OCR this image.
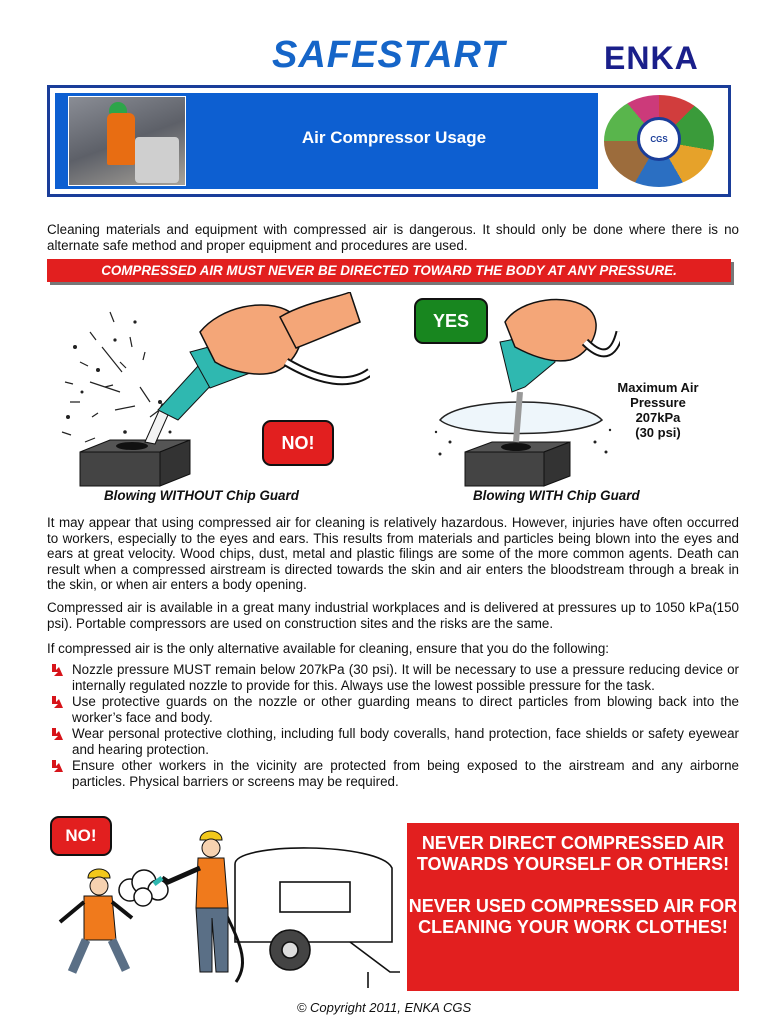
SAFESTART	ENKA
Air Compressor Usage	CGS

Cleaning materials and equipment with compressed air is dangerous. It should only be done where there is no alternate safe method and proper equipment and procedures are used.

COMPRESSED AIR MUST NEVER BE DIRECTED TOWARD THE BODY AT ANY PRESSURE.
NO!
Blowing WITHOUT Chip Guard
YES
Maximum Air
Pressure
207kPa
(30 psi)
Blowing WITH Chip Guard

It may appear that using compressed air for cleaning is relatively hazardous. However, injuries have often occurred to workers, especially to the eyes and ears. This results from materials and particles being blown into the eyes and ears at great velocity. Wood chips, dust, metal and plastic filings are some of the more common agents. Death can result when a compressed airstream is directed towards the skin and air enters the bloodstream through a break in the skin, or when air enters a body opening.

Compressed air is available in a great many industrial workplaces and is delivered at pressures up to 1050 kPa(150 psi). Portable compressors are used on construction sites and the risks are the same.

If compressed air is the only alternative available for cleaning, ensure that you do the following:

Nozzle pressure MUST remain below 207kPa (30 psi). It will be necessary to use a pressure reducing device or internally regulated nozzle to provide for this. Always use the lowest possible pressure for the task.
Use protective guards on the nozzle or other guarding means to direct particles from blowing back into the worker’s face and body.
Wear personal protective clothing, including full body coveralls, hand protection, face shields or safety eyewear and hearing protection.
Ensure other workers in the vicinity are protected from being exposed to the airstream and any airborne particles. Physical barriers or screens may be required.
NO!	NEVER DIRECT COMPRESSED AIR TOWARDS YOURSELF OR OTHERS!

NEVER USED COMPRESSED AIR FOR CLEANING YOUR WORK CLOTHES!

© Copyright 2011, ENKA CGS
